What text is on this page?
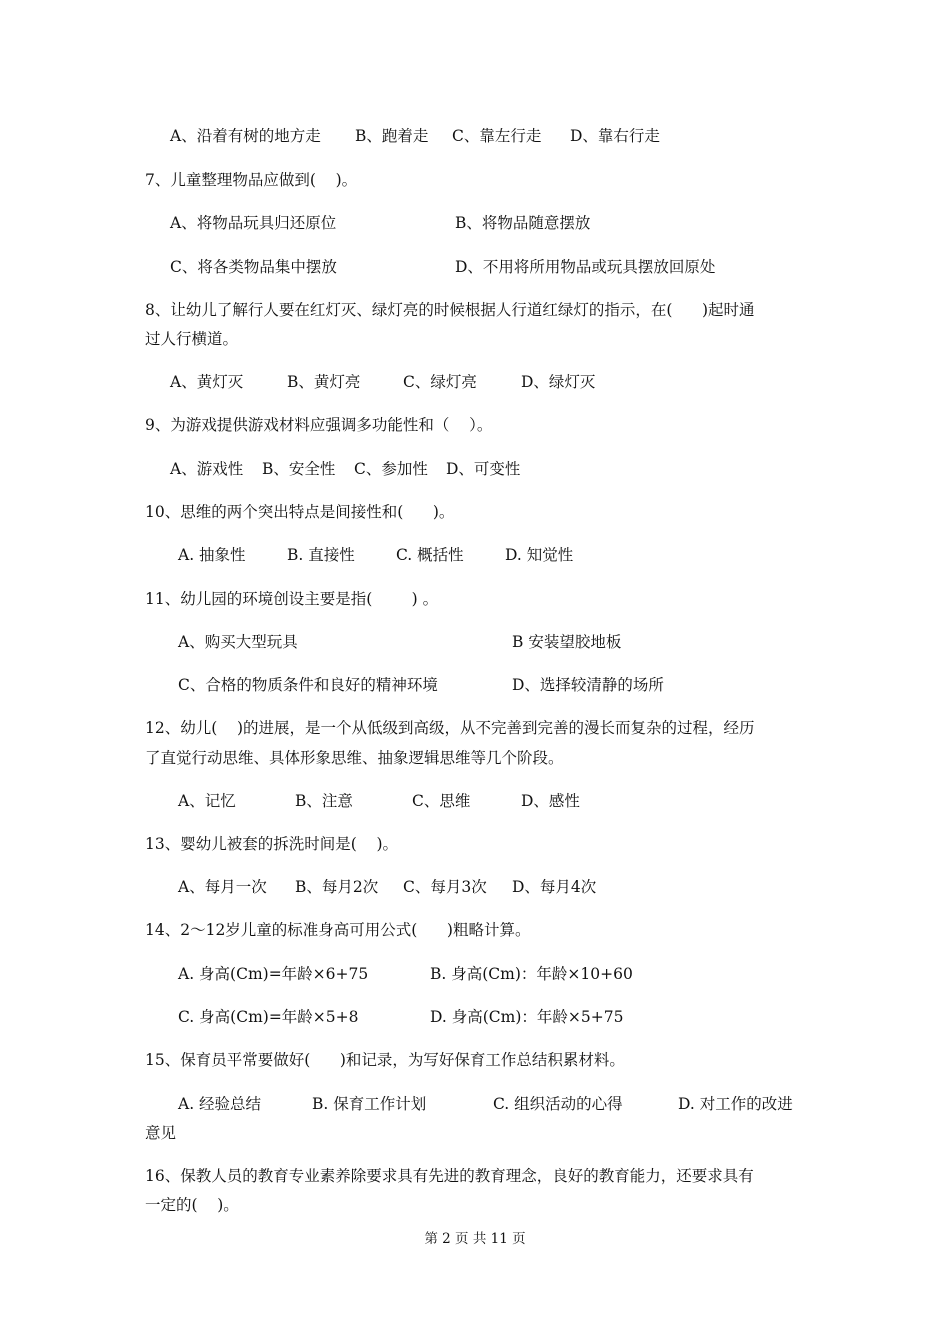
A、沿着有树的地方走 B、跑着走 C、靠左行走 D、靠右行走
7、儿童整理物品应做到(    )。
A、将物品玩具归还原位	B、将物品随意摆放
C、将各类物品集中摆放	D、不用将所用物品或玩具摆放回原处
8、让幼儿了解行人要在红灯灭、绿灯亮的时候根据人行道红绿灯的指示，在(      )起时通
过人行横道。
A、黄灯灭	B、黄灯亮	C、绿灯亮	D、绿灯灭
9、为游戏提供游戏材料应强调多功能性和（    ）。
A、游戏性 B、安全性 C、参加性 D、可变性
10、思维的两个突出特点是间接性和(      )。
A. 抽象性	B. 直接性	C. 概括性	D. 知觉性
11、幼儿园的环境创设主要是指(        ) 。
A、购买大型玩具	B 安装望胶地板
C、合格的物质条件和良好的精神环境	D、选择较清静的场所
12、幼儿(    )的进展，是一个从低级到高级，从不完善到完善的漫长而复杂的过程，经历
了直觉行动思维、具体形象思维、抽象逻辑思维等几个阶段。
A、记忆	B、注意	C、思维	D、感性
13、婴幼儿被套的拆洗时间是(    )。
A、每月一次 B、每月2次 C、每月3次 D、每月4次
14、2～12岁儿童的标准身高可用公式(      )粗略计算。
A. 身高(Cm)=年龄×6+75	B. 身高(Cm)：年龄×10+60
C. 身高(Cm)=年龄×5+8	D. 身高(Cm)：年龄×5+75
15、保育员平常要做好(      )和记录，为写好保育工作总结积累材料。
A. 经验总结	B. 保育工作计划	C. 组织活动的心得	D. 对工作的改进
意见
16、保教人员的教育专业素养除要求具有先进的教育理念，良好的教育能力，还要求具有
一定的(    )。
第 2 页 共 11 页
